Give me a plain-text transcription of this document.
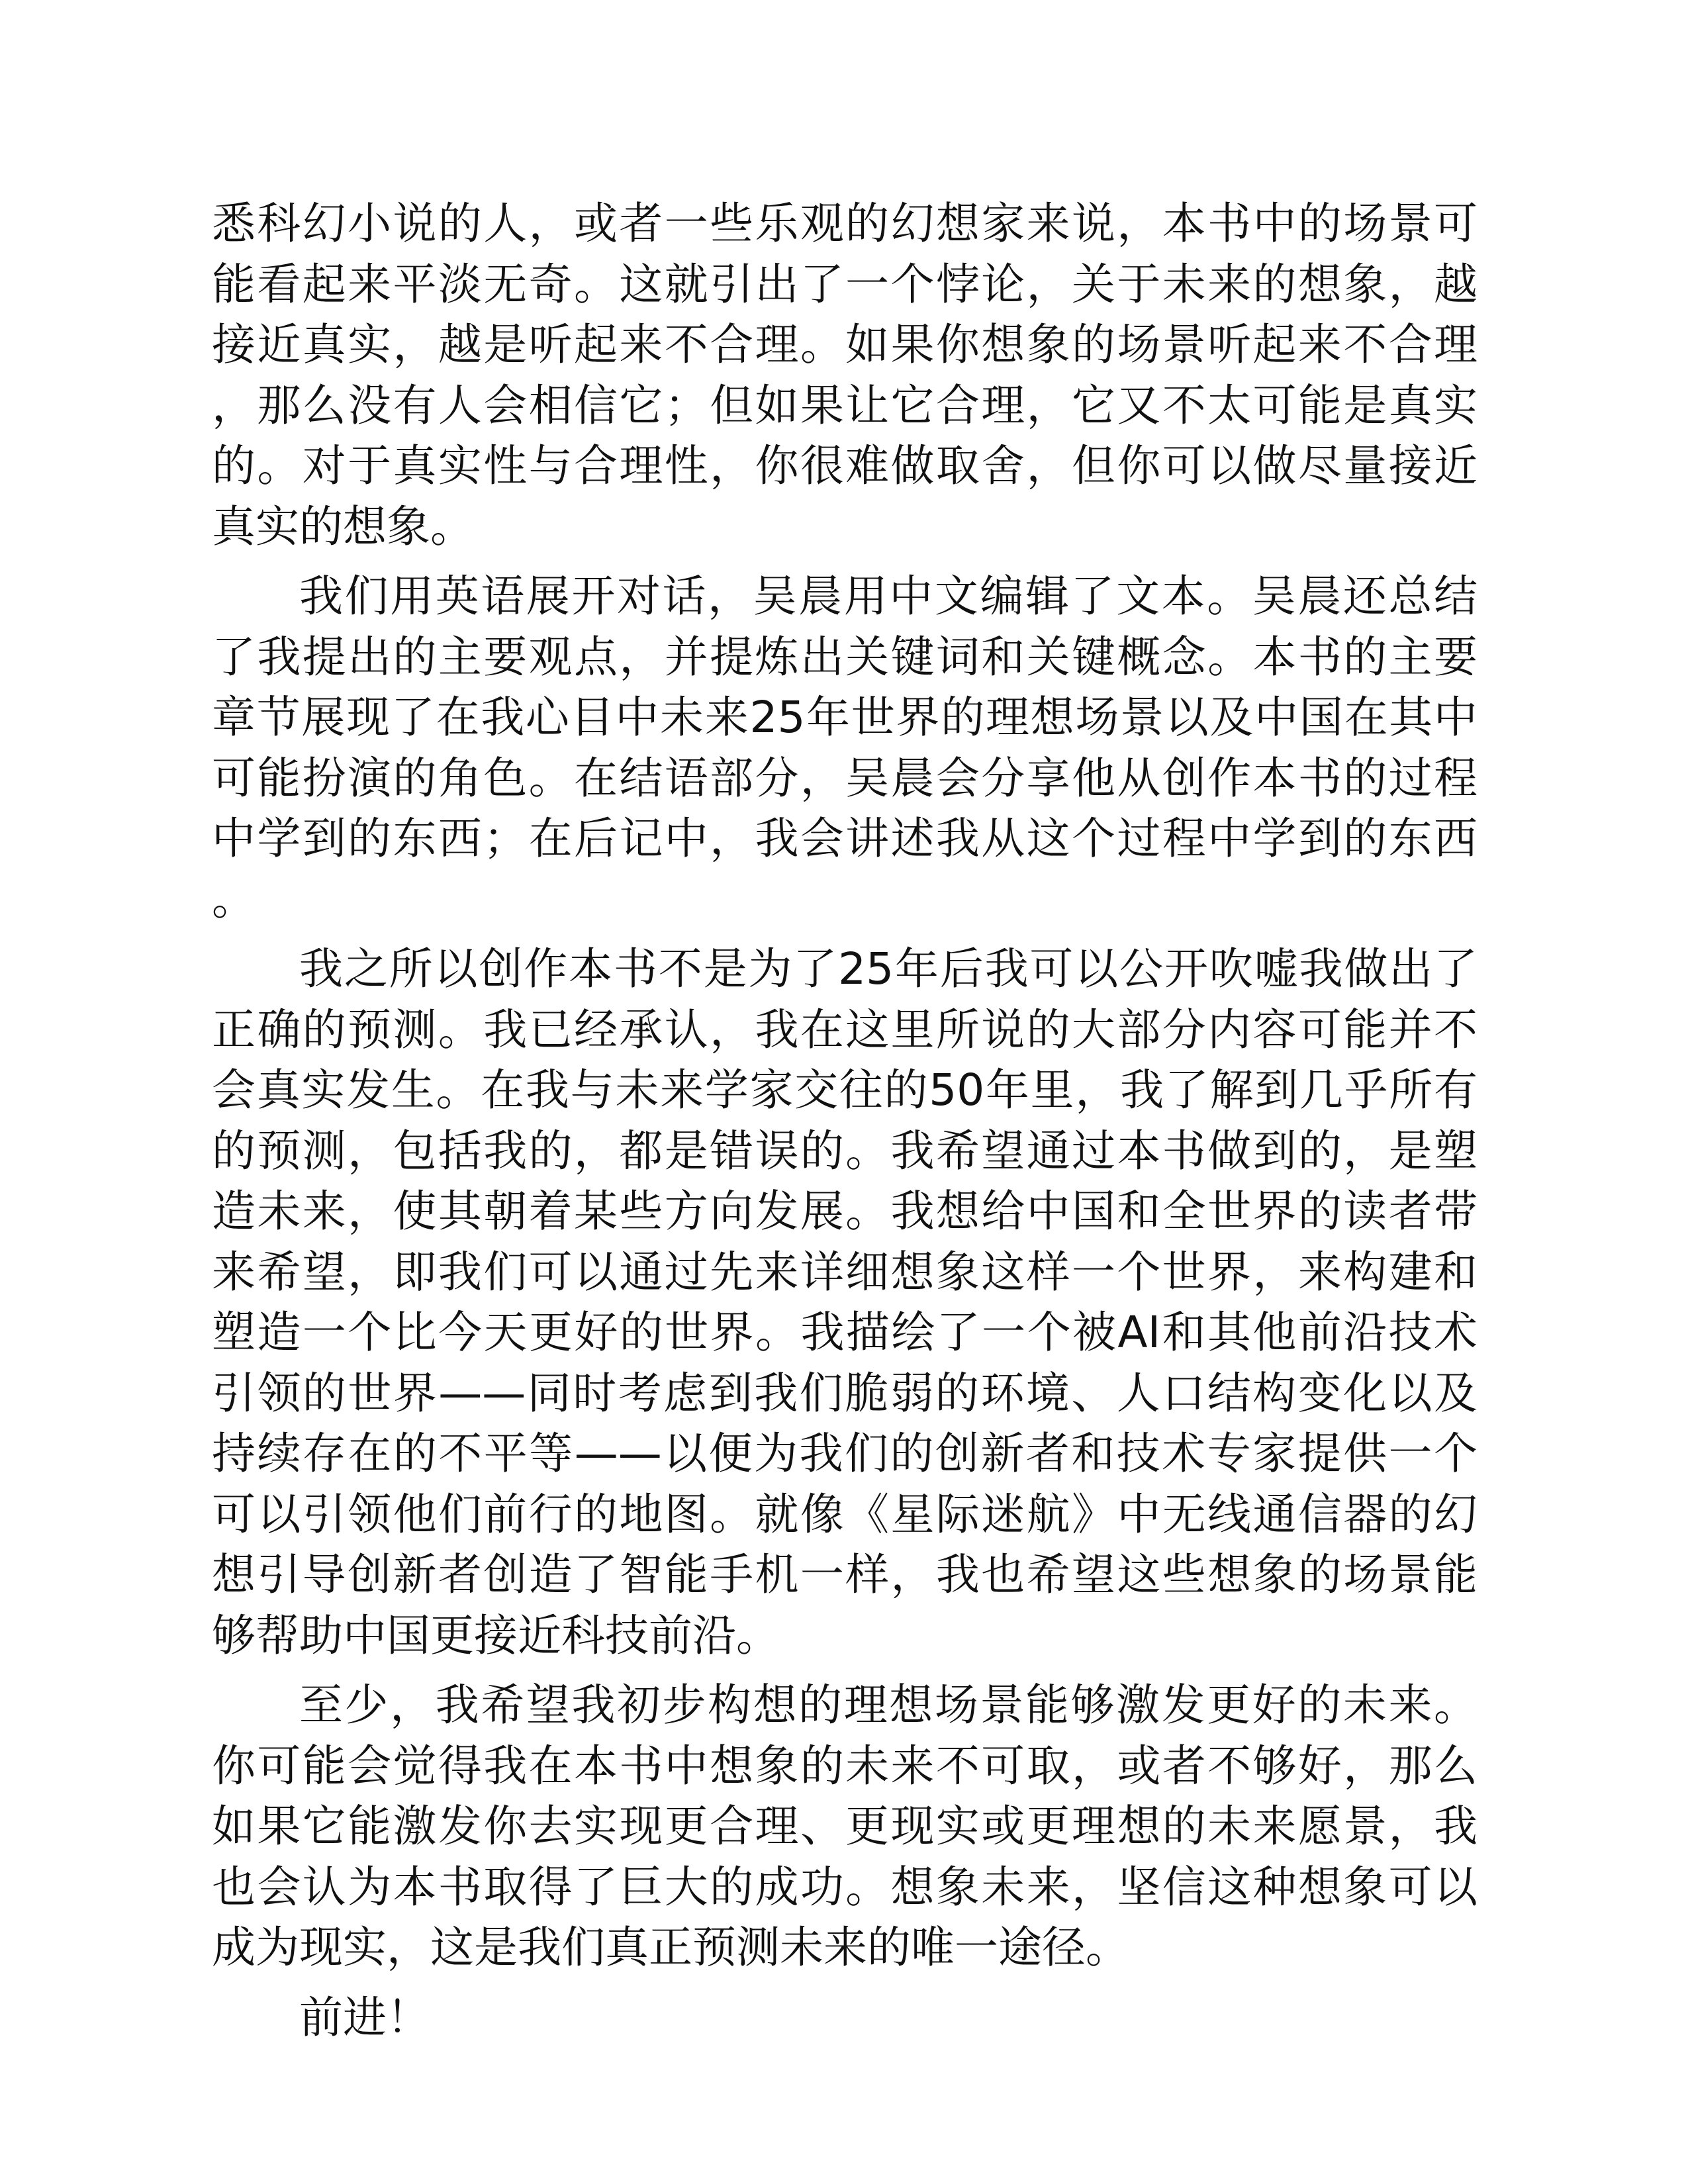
悉科幻小说的人，或者一些乐观的幻想家来说，本书中的场景可能看起来平淡无奇。这就引出了一个悖论，关于未来的想象，越接近真实，越是听起来不合理。如果你想象的场景听起来不合理，那么没有人会相信它；但如果让它合理，它又不太可能是真实的。对于真实性与合理性，你很难做取舍，但你可以做尽量接近真实的想象。

我们用英语展开对话，吴晨用中文编辑了文本。吴晨还总结了我提出的主要观点，并提炼出关键词和关键概念。本书的主要章节展现了在我心目中未来25年世界的理想场景以及中国在其中可能扮演的角色。在结语部分，吴晨会分享他从创作本书的过程中学到的东西；在后记中，我会讲述我从这个过程中学到的东西。

我之所以创作本书不是为了25年后我可以公开吹嘘我做出了正确的预测。我已经承认，我在这里所说的大部分内容可能并不会真实发生。在我与未来学家交往的50年里，我了解到几乎所有的预测，包括我的，都是错误的。我希望通过本书做到的，是塑造未来，使其朝着某些方向发展。我想给中国和全世界的读者带来希望，即我们可以通过先来详细想象这样一个世界，来构建和塑造一个比今天更好的世界。我描绘了一个被AI和其他前沿技术引领的世界——同时考虑到我们脆弱的环境、人口结构变化以及持续存在的不平等——以便为我们的创新者和技术专家提供一个可以引领他们前行的地图。就像《星际迷航》中无线通信器的幻想引导创新者创造了智能手机一样，我也希望这些想象的场景能够帮助中国更接近科技前沿。

至少，我希望我初步构想的理想场景能够激发更好的未来。你可能会觉得我在本书中想象的未来不可取，或者不够好，那么如果它能激发你去实现更合理、更现实或更理想的未来愿景，我也会认为本书取得了巨大的成功。想象未来，坚信这种想象可以成为现实，这是我们真正预测未来的唯一途径。

前进！
